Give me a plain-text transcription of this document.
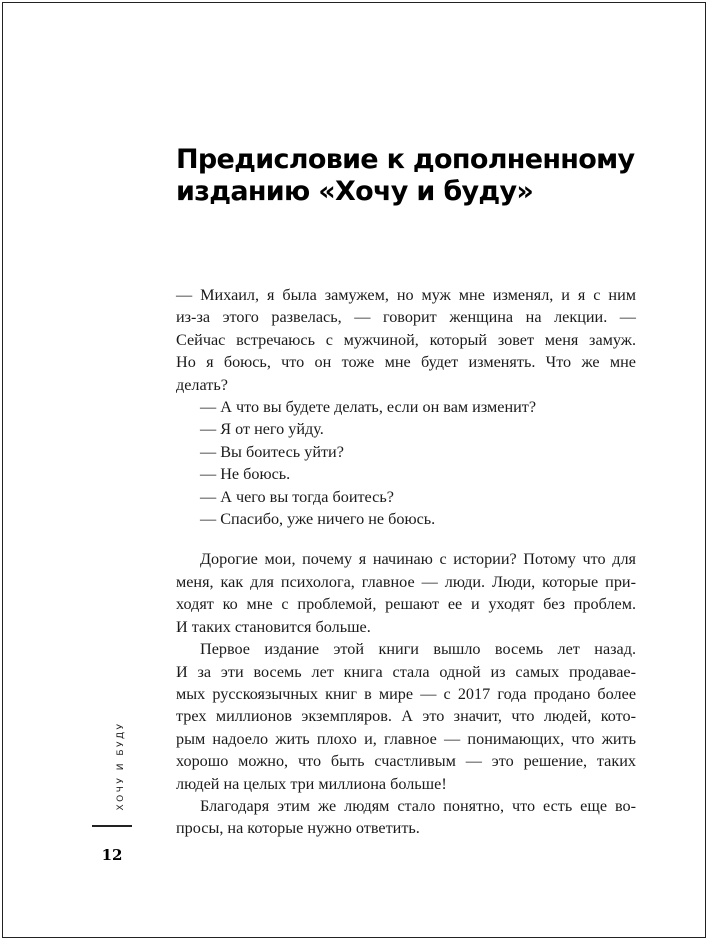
Предисловие к дополненному
изданию «Хочу и буду»
— Михаил, я была замужем, но муж мне изменял, и я с ним
из-за этого развелась, — говорит женщина на лекции. —
Сейчас встречаюсь с мужчиной, который зовет меня замуж.
Но я боюсь, что он тоже мне будет изменять. Что же мне
делать?
— А что вы будете делать, если он вам изменит?
— Я от него уйду.
— Вы боитесь уйти?
— Не боюсь.
— А чего вы тогда боитесь?
— Спасибо, уже ничего не боюсь.
Дорогие мои, почему я начинаю с истории? Потому что для
меня, как для психолога, главное — люди. Люди, которые при-
ходят ко мне с проблемой, решают ее и уходят без проблем.
И таких становится больше.
Первое издание этой книги вышло восемь лет назад.
И за эти восемь лет книга стала одной из самых продавае-
мых русскоязычных книг в мире — с 2017 года продано более
трех миллионов экземпляров. А это значит, что людей, кото-
рым надоело жить плохо и, главное — понимающих, что жить
хорошо можно, что быть счастливым — это решение, таких
людей на целых три миллиона больше!
Благодаря этим же людям стало понятно, что есть еще во-
просы, на которые нужно ответить.
ХОЧУ И БУДУ
12
